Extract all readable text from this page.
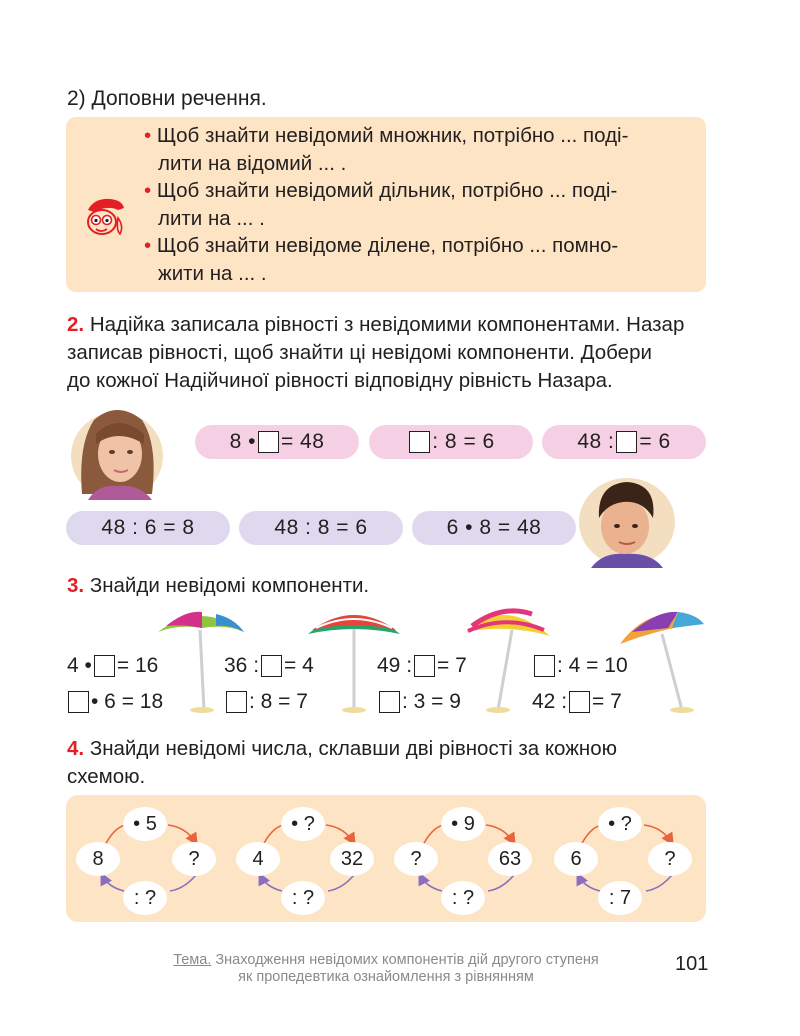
2) Доповни речення.
• Щоб знайти невідомий множник, потрібно ... поді-
лити на відомий ... .
• Щоб знайти невідомий дільник, потрібно ... поді-
лити на ... .
• Щоб знайти невідоме ділене, потрібно ... помно-
жити на ... .
2. Надійка записала рівності з невідомими компонентами. Назар
записав рівності, щоб знайти ці невідомі компоненти. Добери
до кожної Надійчиної рівності відповідну рівність Назара.
8 • = 48	: 8 = 6	48 : = 6
48 : 6 = 8	48 : 8 = 6	6 • 8 = 48
3. Знайди невідомі компоненти.
4 • = 16	36 : = 4	49 : = 7	: 4 = 10
• 6 = 18	: 8 = 7	: 3 = 9	42 : = 7
4. Знайди невідомі числа, склавши дві рівності за кожною
схемою.
• 5
8	?
: ?
• ?
4	32
: ?
• 9
?	63
: ?
• ?
6	?
: 7
Тема. Знаходження невідомих компонентів дій другого ступеня
як пропедевтика ознайомлення з рівнянням
101
